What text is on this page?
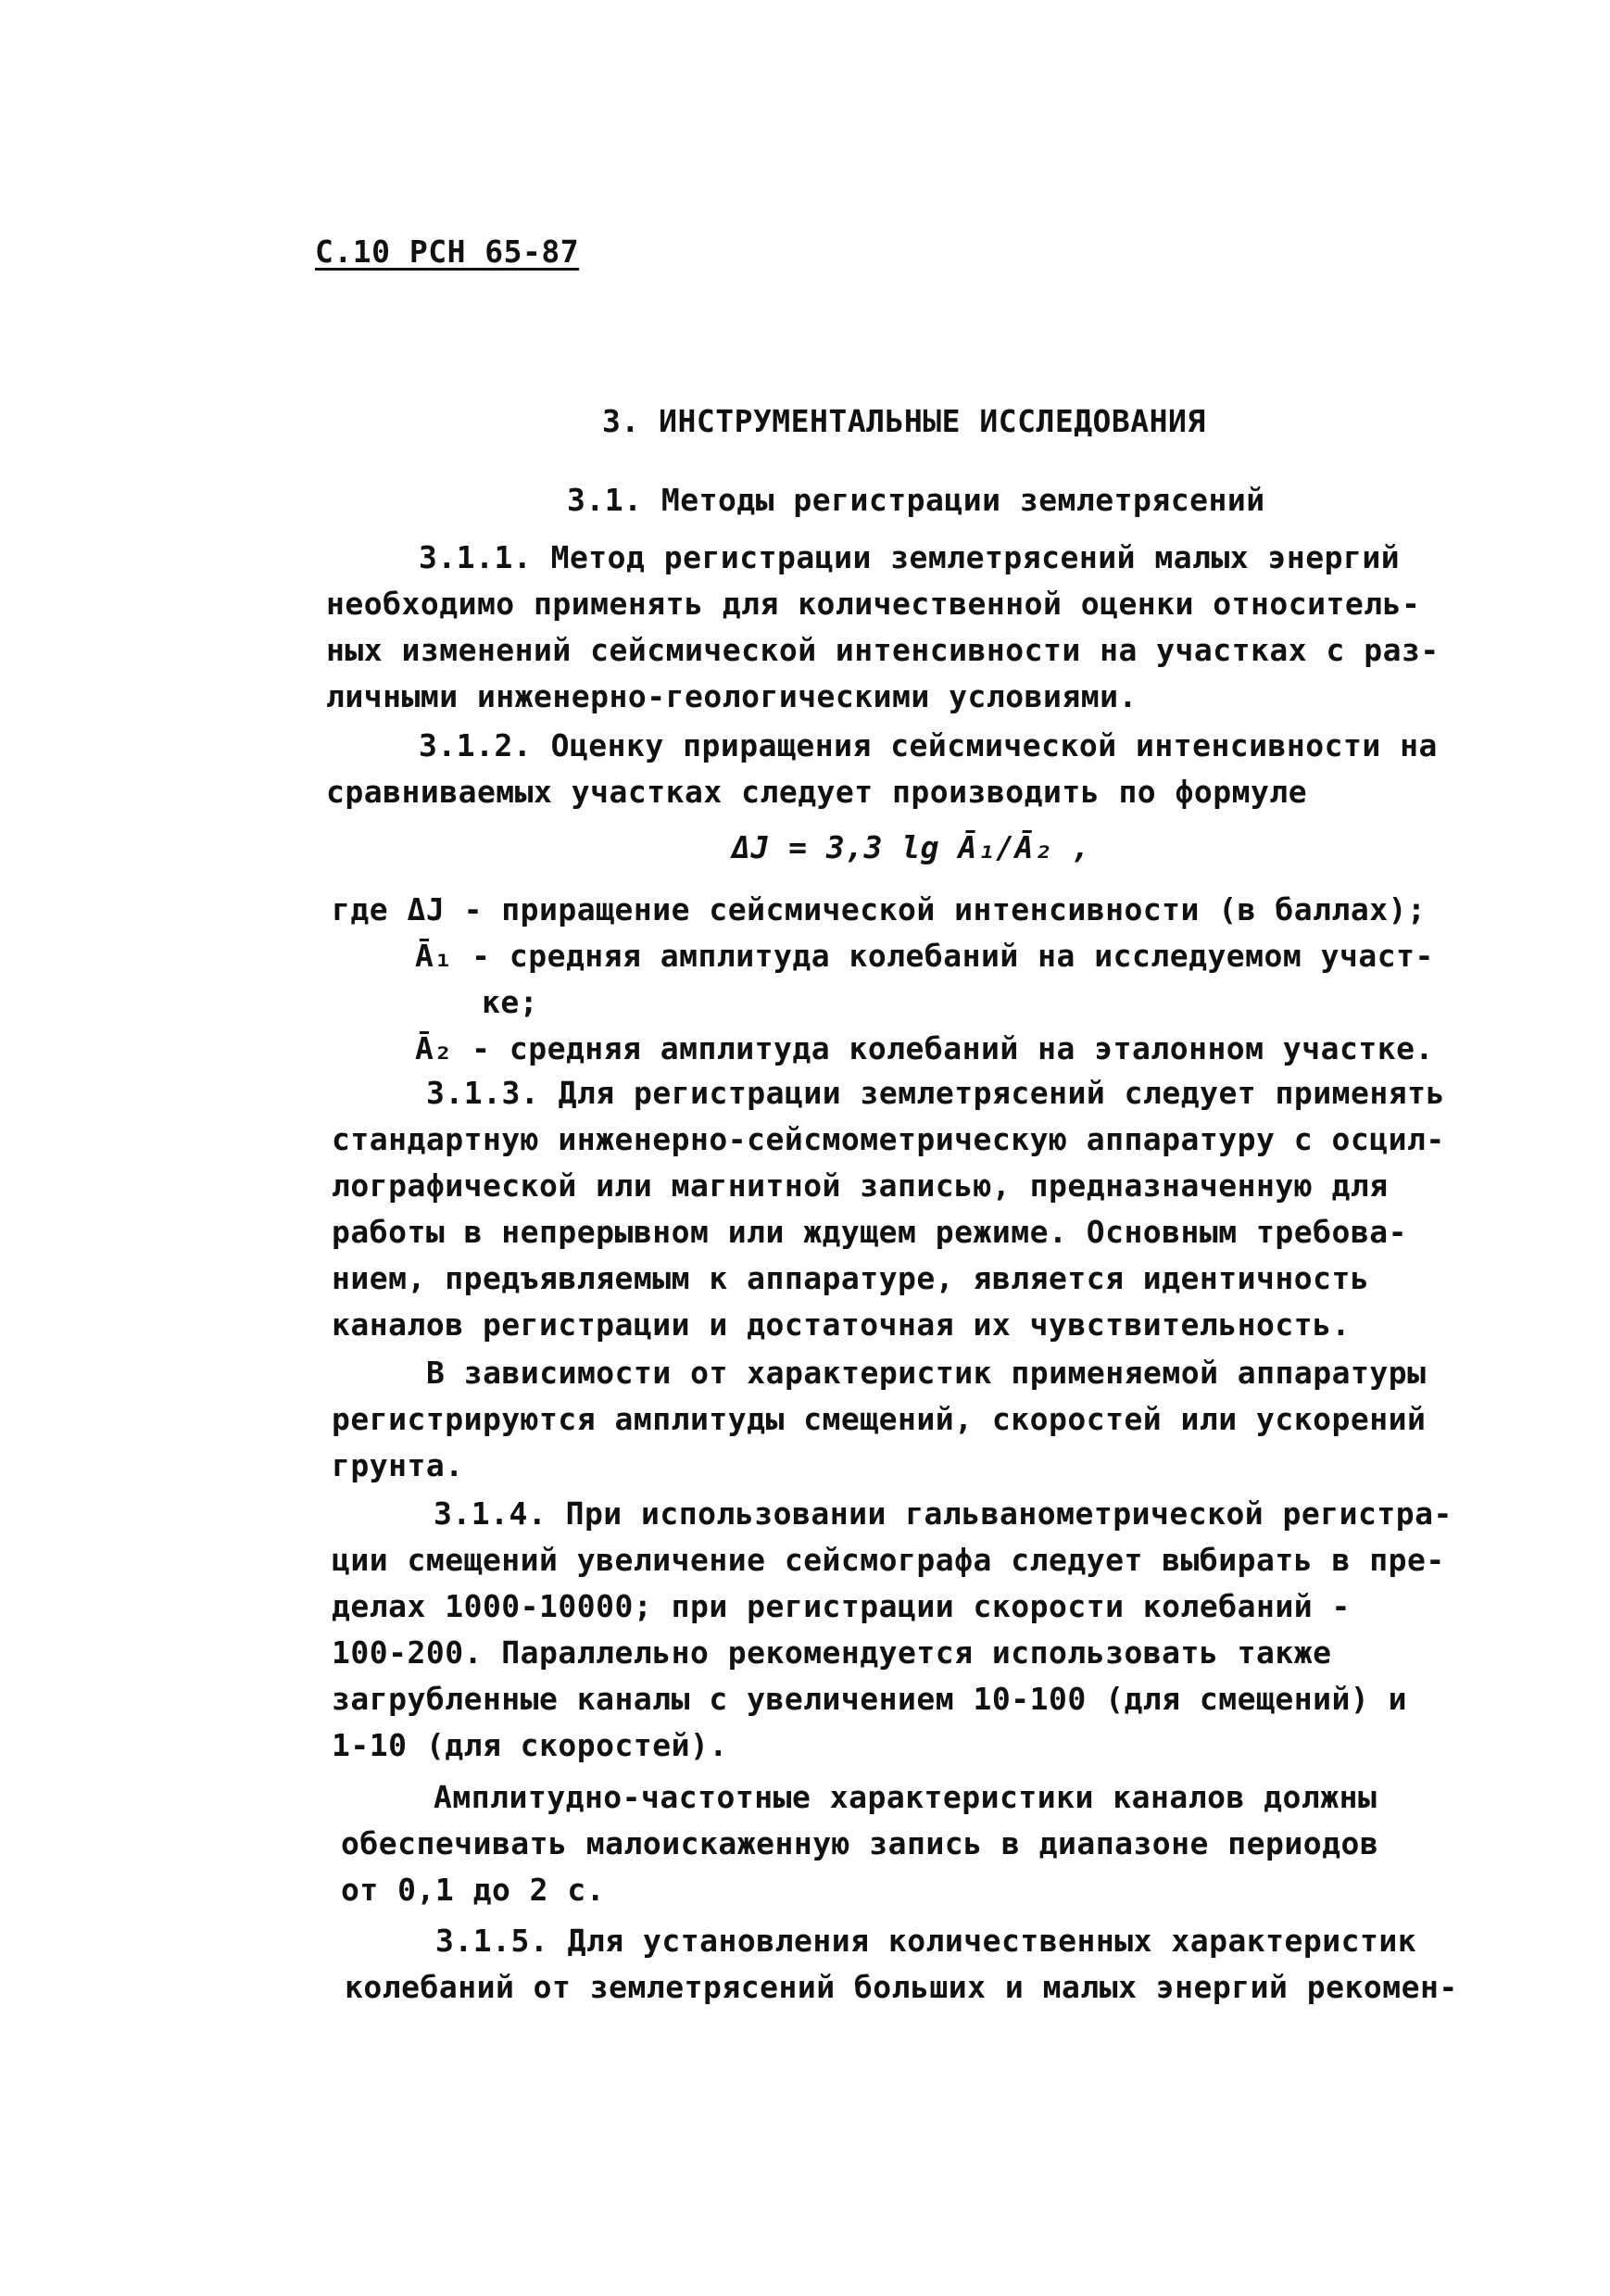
С.10 РСН 65-87
3. ИНСТРУМЕНТАЛЬНЫЕ ИССЛЕДОВАНИЯ
3.1. Методы регистрации землетрясений
3.1.1. Метод регистрации землетрясений малых энергий
необходимо применять для количественной оценки относитель-
ных изменений сейсмической интенсивности на участках с раз-
личными инженерно-геологическими условиями.
3.1.2. Оценку приращения сейсмической интенсивности на
сравниваемых участках следует производить по формуле
ΔJ = 3,3 lg Ā₁/Ā₂ ,
где ΔJ - приращение сейсмической интенсивности (в баллах);
Ā₁ - средняя амплитуда колебаний на исследуемом участ-
ке;
Ā₂ - средняя амплитуда колебаний на эталонном участке.
3.1.3. Для регистрации землетрясений следует применять
стандартную инженерно-сейсмометрическую аппаратуру с осцил-
лографической или магнитной записью, предназначенную для
работы в непрерывном или ждущем режиме. Основным требова-
нием, предъявляемым к аппаратуре, является идентичность
каналов регистрации и достаточная их чувствительность.
В зависимости от характеристик применяемой аппаратуры
регистрируются амплитуды смещений, скоростей или ускорений
грунта.
3.1.4. При использовании гальванометрической регистра-
ции смещений увеличение сейсмографа следует выбирать в пре-
делах 1000-10000; при регистрации скорости колебаний -
100-200. Параллельно рекомендуется использовать также
загрубленные каналы с увеличением 10-100 (для смещений) и
1-10 (для скоростей).
Амплитудно-частотные характеристики каналов должны
обеспечивать малоискаженную запись в диапазоне периодов
от 0,1 до 2 с.
3.1.5. Для установления количественных характеристик
колебаний от землетрясений больших и малых энергий рекомен-
